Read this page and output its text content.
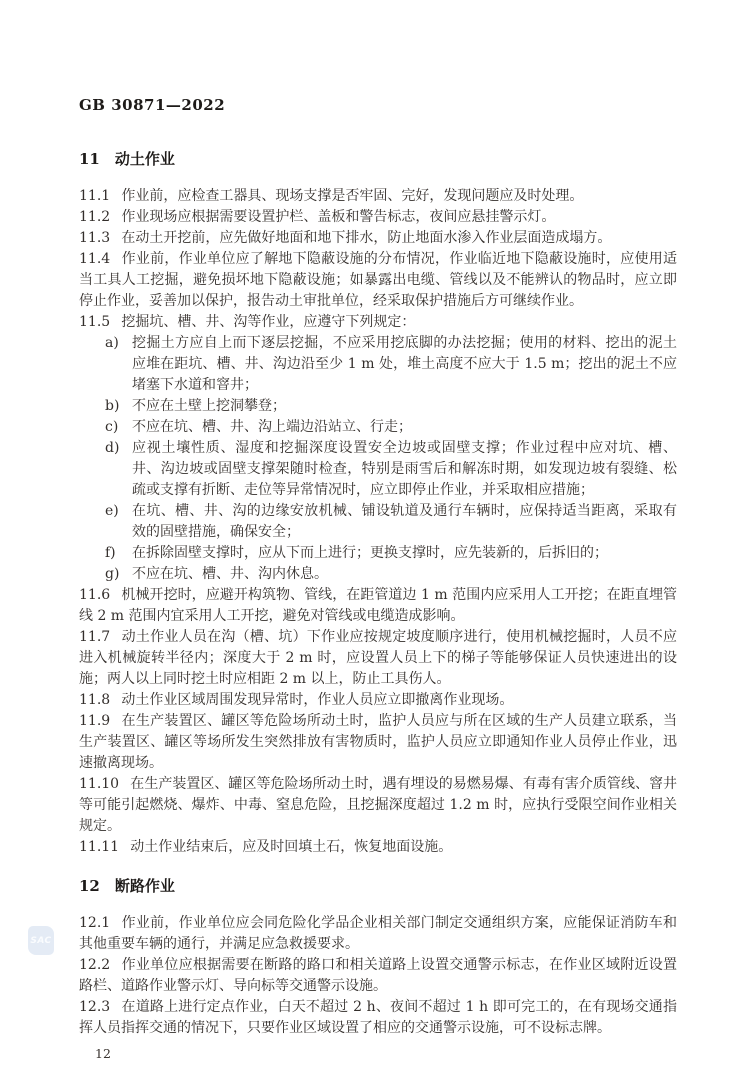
GB 30871—2022
11 动土作业

11.1 作业前，应检查工器具、现场支撑是否牢固、完好，发现问题应及时处理。

11.2 作业现场应根据需要设置护栏、盖板和警告标志，夜间应悬挂警示灯。

11.3 在动土开挖前，应先做好地面和地下排水，防止地面水渗入作业层面造成塌方。

11.4 作业前，作业单位应了解地下隐蔽设施的分布情况，作业临近地下隐蔽设施时，应使用适当工具人工挖掘，避免损坏地下隐蔽设施；如暴露出电缆、管线以及不能辨认的物品时，应立即停止作业，妥善加以保护，报告动土审批单位，经采取保护措施后方可继续作业。

11.5 挖掘坑、槽、井、沟等作业，应遵守下列规定：

a) 挖掘土方应自上而下逐层挖掘，不应采用挖底脚的办法挖掘；使用的材料、挖出的泥土应堆在距坑、槽、井、沟边沿至少 1 m 处，堆土高度不应大于 1.5 m；挖出的泥土不应堵塞下水道和窨井；
b) 不应在土壁上挖洞攀登；
c) 不应在坑、槽、井、沟上端边沿站立、行走；
d) 应视土壤性质、湿度和挖掘深度设置安全边坡或固壁支撑；作业过程中应对坑、槽、井、沟边坡或固壁支撑架随时检查，特别是雨雪后和解冻时期，如发现边坡有裂缝、松疏或支撑有折断、走位等异常情况时，应立即停止作业，并采取相应措施；
e) 在坑、槽、井、沟的边缘安放机械、铺设轨道及通行车辆时，应保持适当距离，采取有效的固壁措施，确保安全；
f)	在拆除固壁支撑时，应从下而上进行；更换支撑时，应先装新的，后拆旧的；
g) 不应在坑、槽、井、沟内休息。

11.6 机械开挖时，应避开构筑物、管线，在距管道边 1 m 范围内应采用人工开挖；在距直埋管线 2 m 范围内宜采用人工开挖，避免对管线或电缆造成影响。

11.7 动土作业人员在沟（槽、坑）下作业应按规定坡度顺序进行，使用机械挖掘时，人员不应进入机械旋转半径内；深度大于 2 m 时，应设置人员上下的梯子等能够保证人员快速进出的设施；两人以上同时挖土时应相距 2 m 以上，防止工具伤人。

11.8 动土作业区域周围发现异常时，作业人员应立即撤离作业现场。

11.9 在生产装置区、罐区等危险场所动土时，监护人员应与所在区域的生产人员建立联系，当生产装置区、罐区等场所发生突然排放有害物质时，监护人员应立即通知作业人员停止作业，迅速撤离现场。

11.10 在生产装置区、罐区等危险场所动土时，遇有埋设的易燃易爆、有毒有害介质管线、窨井等可能引起燃烧、爆炸、中毒、窒息危险，且挖掘深度超过 1.2 m 时，应执行受限空间作业相关规定。

11.11 动土作业结束后，应及时回填土石，恢复地面设施。

12 断路作业

12.1 作业前，作业单位应会同危险化学品企业相关部门制定交通组织方案，应能保证消防车和其他重要车辆的通行，并满足应急救援要求。

12.2 作业单位应根据需要在断路的路口和相关道路上设置交通警示标志，在作业区域附近设置路栏、道路作业警示灯、导向标等交通警示设施。

12.3 在道路上进行定点作业，白天不超过 2 h、夜间不超过 1 h 即可完工的，在有现场交通指挥人员指挥交通的情况下，只要作业区域设置了相应的交通警示设施，可不设标志牌。

12
SAC
